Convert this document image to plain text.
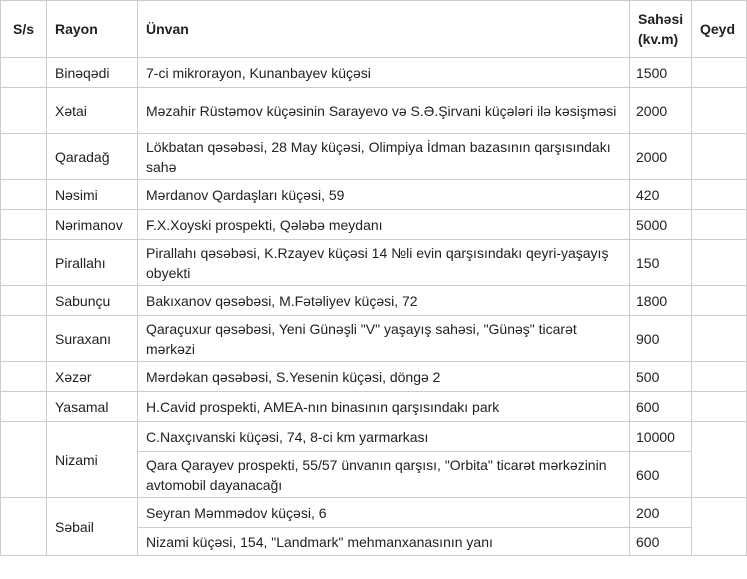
S/s	Rayon	Ünvan	Sahəsi (kv.m)	Qeyd
	Binəqədi	7-ci mikrorayon, Kunanbayev küçəsi	1500	
	Xətai	Məzahir Rüstəmov küçəsinin Sarayevo və S.Ə.Şirvani küçələri ilə kəsişməsi	2000	
	Qaradağ	Lökbatan qəsəbəsi, 28 May küçəsi, Olimpiya İdman bazasının qarşısındakı sahə	2000	
	Nəsimi	Mərdanov Qardaşları küçəsi, 59	420	
	Nərimanov	F.X.Xoyski prospekti, Qələbə meydanı	5000	
	Pirallahı	Pirallahı qəsəbəsi, K.Rzayev küçəsi 14 №li evin qarşısındakı qeyri-yaşayış obyekti	150	
	Sabunçu	Bakıxanov qəsəbəsi, M.Fətəliyev küçəsi, 72	1800	
	Suraxanı	Qaraçuxur qəsəbəsi, Yeni Günəşli "V" yaşayış sahəsi, "Günəş" ticarət mərkəzi	900	
	Xəzər	Mərdəkan qəsəbəsi, S.Yesenin küçəsi, döngə 2	500	
	Yasamal	H.Cavid prospekti, AMEA-nın binasının qarşısındakı park	600	
	Nizami	C.Naxçıvanski küçəsi, 74, 8-ci km yarmarkası	10000	
		Qara Qarayev prospekti, 55/57 ünvanın qarşısı, "Orbita" ticarət mərkəzinin avtomobil dayanacağı	600	
	Səbail	Seyran Məmmədov küçəsi, 6	200	
		Nizami küçəsi, 154, "Landmark" mehmanxanasının yanı	600	
